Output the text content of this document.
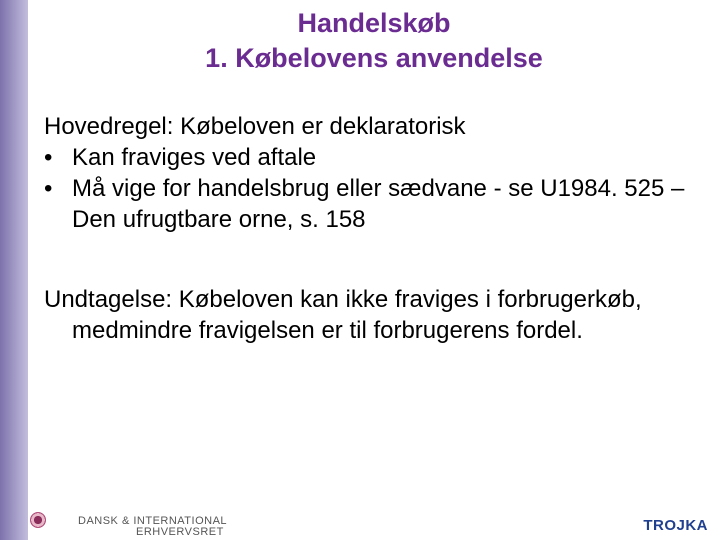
Handelskøb
1. Købelovens anvendelse

Hovedregel: Købeloven er deklaratorisk

• Kan fraviges ved aftale
• Må vige for handelsbrug eller sædvane - se U1984. 525 – Den ufrugtbare orne, s. 158

Undtagelse: Købeloven kan ikke fraviges i forbrugerkøb, medmindre fravigelsen er til forbrugerens fordel.

DANSK & INTERNATIONAL
ERHVERVSRET	TROJKA
